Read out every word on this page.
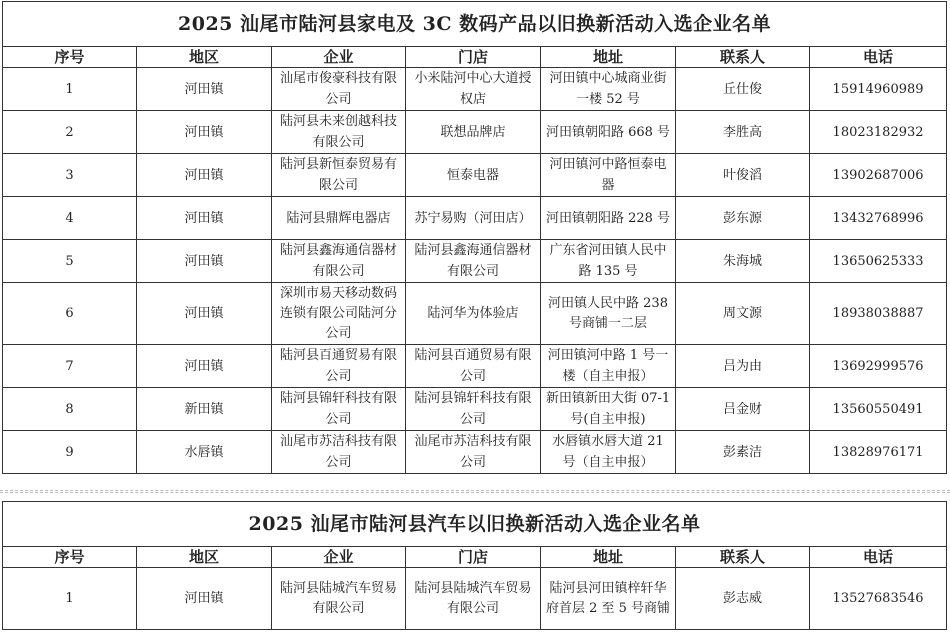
2025 汕尾市陆河县家电及 3C 数码产品以旧换新活动入选企业名单						
序号	地区	企业	门店	地址	联系人	电话
1	河田镇	汕尾市俊豪科技有限公司	小米陆河中心大道授权店	河田镇中心城商业街一楼 52 号	丘仕俊	15914960989
2	河田镇	陆河县未来创越科技有限公司	联想品牌店	河田镇朝阳路 668 号	李胜高	18023182932
3	河田镇	陆河县新恒泰贸易有限公司	恒泰电器	河田镇河中路恒泰电器	叶俊滔	13902687006
4	河田镇	陆河县鼎辉电器店	苏宁易购（河田店）	河田镇朝阳路 228 号	彭东源	13432768996
5	河田镇	陆河县鑫海通信器材有限公司	陆河县鑫海通信器材有限公司	广东省河田镇人民中路 135 号	朱海城	13650625333
6	河田镇	深圳市易天移动数码连锁有限公司陆河分公司	陆河华为体验店	河田镇人民中路 238 号商铺一二层	周文源	18938038887
7	河田镇	陆河县百通贸易有限公司	陆河县百通贸易有限公司	河田镇河中路 1 号一楼（自主申报）	吕为由	13692999576
8	新田镇	陆河县锦轩科技有限公司	陆河县锦轩科技有限公司	新田镇新田大街 07-1 号(自主申报)	吕金财	13560550491
9	水唇镇	汕尾市苏洁科技有限公司	汕尾市苏洁科技有限公司	水唇镇水唇大道 21 号（自主申报）	彭素洁	13828976171
2025 汕尾市陆河县汽车以旧换新活动入选企业名单						
序号	地区	企业	门店	地址	联系人	电话
1	河田镇	陆河县陆城汽车贸易有限公司	陆河县陆城汽车贸易有限公司	陆河县河田镇梓轩华府首层 2 至 5 号商铺	彭志威	13527683546
